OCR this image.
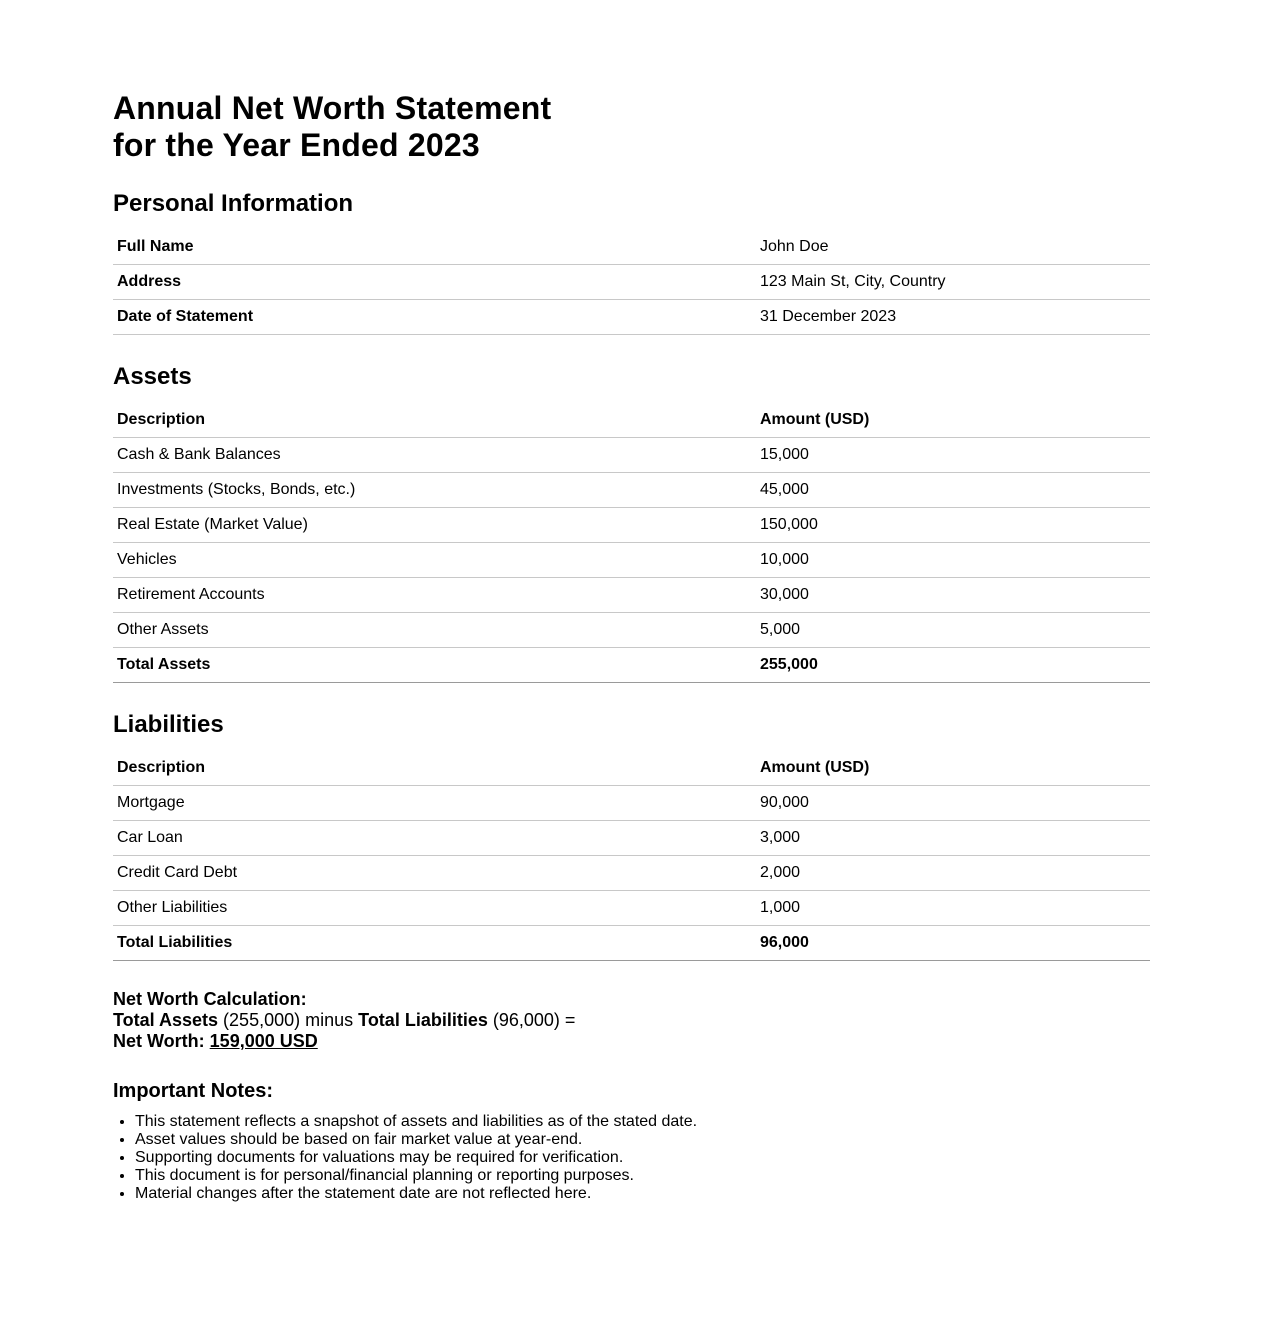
Annual Net Worth Statement
for the Year Ended 2023
Personal Information
Full Name	John Doe
Address	123 Main St, City, Country
Date of Statement	31 December 2023
Assets
Description	Amount (USD)
Cash & Bank Balances	15,000
Investments (Stocks, Bonds, etc.)	45,000
Real Estate (Market Value)	150,000
Vehicles	10,000
Retirement Accounts	30,000
Other Assets	5,000
Total Assets	255,000
Liabilities
Description	Amount (USD)
Mortgage	90,000
Car Loan	3,000
Credit Card Debt	2,000
Other Liabilities	1,000
Total Liabilities	96,000
Net Worth Calculation:
Total Assets (255,000) minus Total Liabilities (96,000) =
Net Worth: 159,000 USD
Important Notes:
• This statement reflects a snapshot of assets and liabilities as of the stated date.
• Asset values should be based on fair market value at year-end.
• Supporting documents for valuations may be required for verification.
• This document is for personal/financial planning or reporting purposes.
• Material changes after the statement date are not reflected here.
